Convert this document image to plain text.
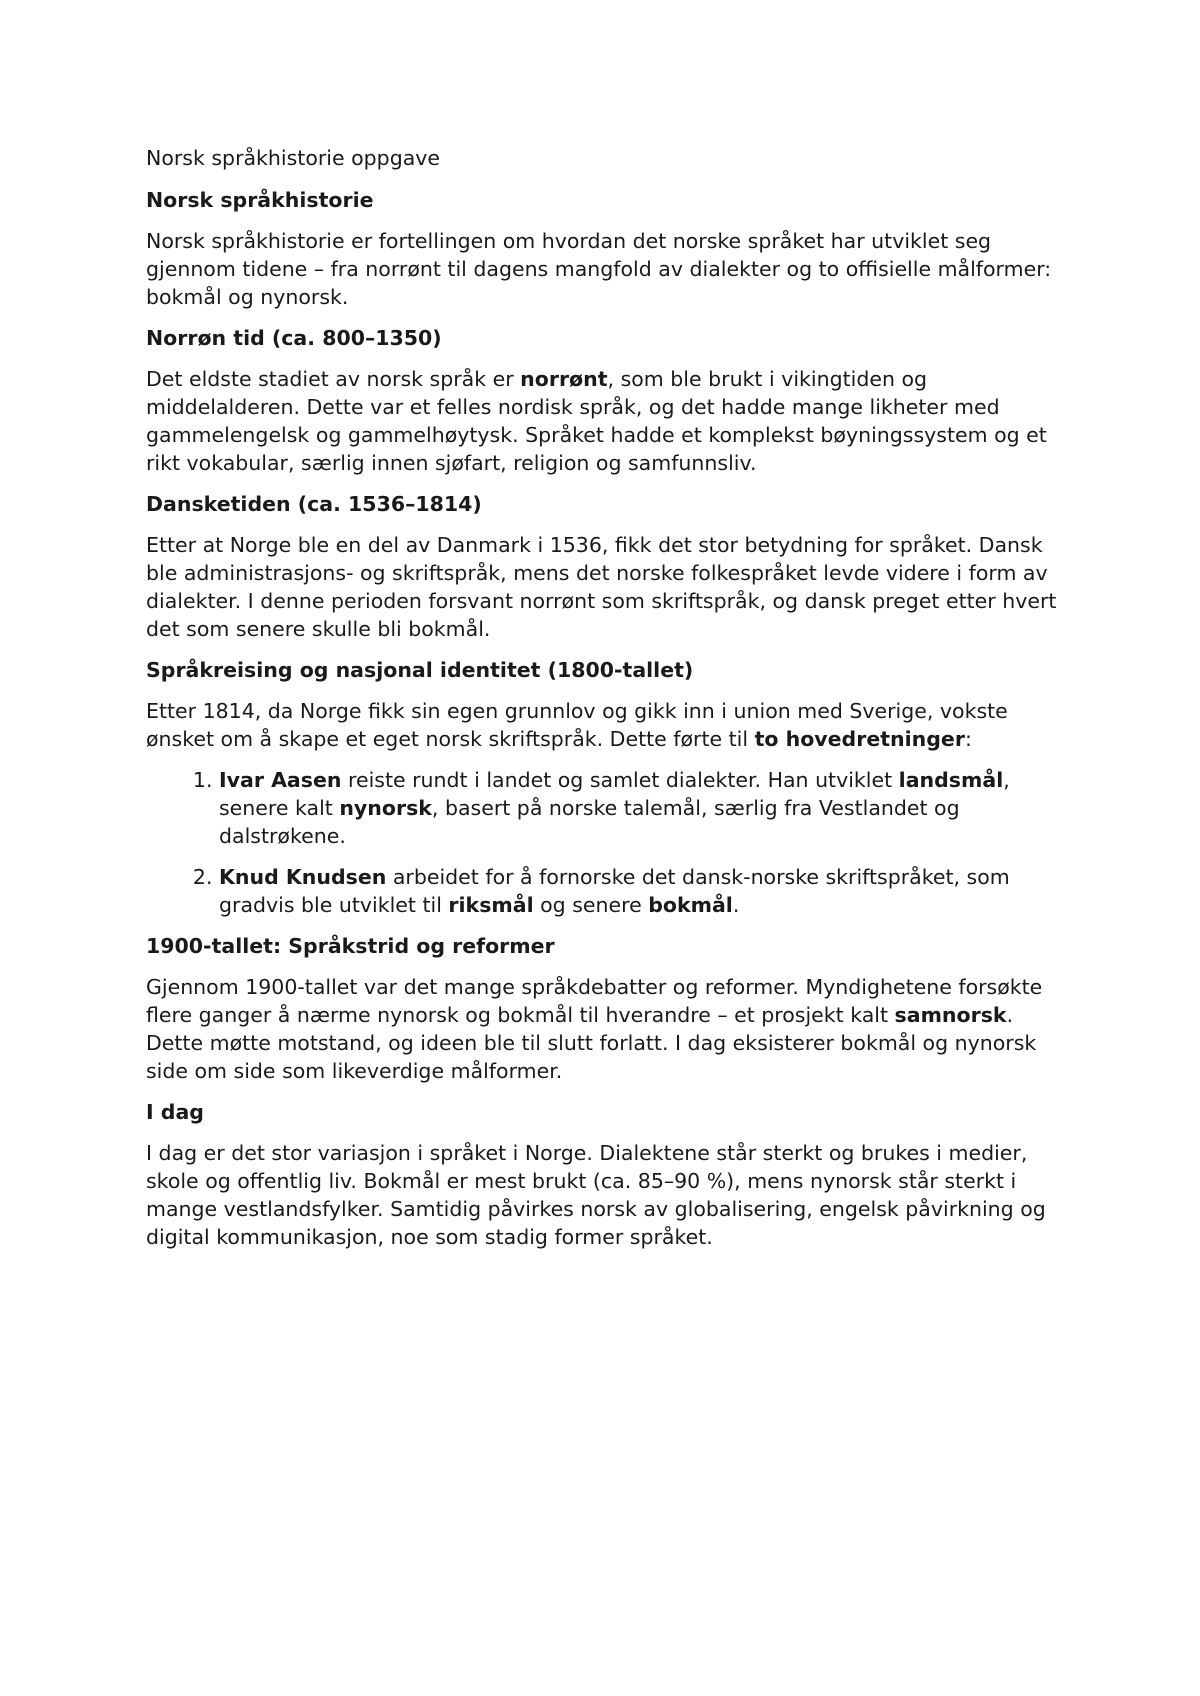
Norsk språkhistorie oppgave

Norsk språkhistorie

Norsk språkhistorie er fortellingen om hvordan det norske språket har utviklet seg gjennom tidene – fra norrønt til dagens mangfold av dialekter og to offisielle målformer: bokmål og nynorsk.

Norrøn tid (ca. 800–1350)

Det eldste stadiet av norsk språk er norrønt, som ble brukt i vikingtiden og middelalderen. Dette var et felles nordisk språk, og det hadde mange likheter med gammelengelsk og gammelhøytysk. Språket hadde et komplekst bøyningssystem og et rikt vokabular, særlig innen sjøfart, religion og samfunnsliv.

Dansketiden (ca. 1536–1814)

Etter at Norge ble en del av Danmark i 1536, fikk det stor betydning for språket. Dansk ble administrasjons- og skriftspråk, mens det norske folkespråket levde videre i form av dialekter. I denne perioden forsvant norrønt som skriftspråk, og dansk preget etter hvert det som senere skulle bli bokmål.

Språkreising og nasjonal identitet (1800-tallet)

Etter 1814, da Norge fikk sin egen grunnlov og gikk inn i union med Sverige, vokste ønsket om å skape et eget norsk skriftspråk. Dette førte til to hovedretninger:

1. Ivar Aasen reiste rundt i landet og samlet dialekter. Han utviklet landsmål, senere kalt nynorsk, basert på norske talemål, særlig fra Vestlandet og dalstrøkene.
2. Knud Knudsen arbeidet for å fornorske det dansk-norske skriftspråket, som gradvis ble utviklet til riksmål og senere bokmål.
1900-tallet: Språkstrid og reformer

Gjennom 1900-tallet var det mange språkdebatter og reformer. Myndighetene forsøkte flere ganger å nærme nynorsk og bokmål til hverandre – et prosjekt kalt samnorsk. Dette møtte motstand, og ideen ble til slutt forlatt. I dag eksisterer bokmål og nynorsk side om side som likeverdige målformer.

I dag

I dag er det stor variasjon i språket i Norge. Dialektene står sterkt og brukes i medier, skole og offentlig liv. Bokmål er mest brukt (ca. 85–90 %), mens nynorsk står sterkt i mange vestlandsfylker. Samtidig påvirkes norsk av globalisering, engelsk påvirkning og digital kommunikasjon, noe som stadig former språket.
